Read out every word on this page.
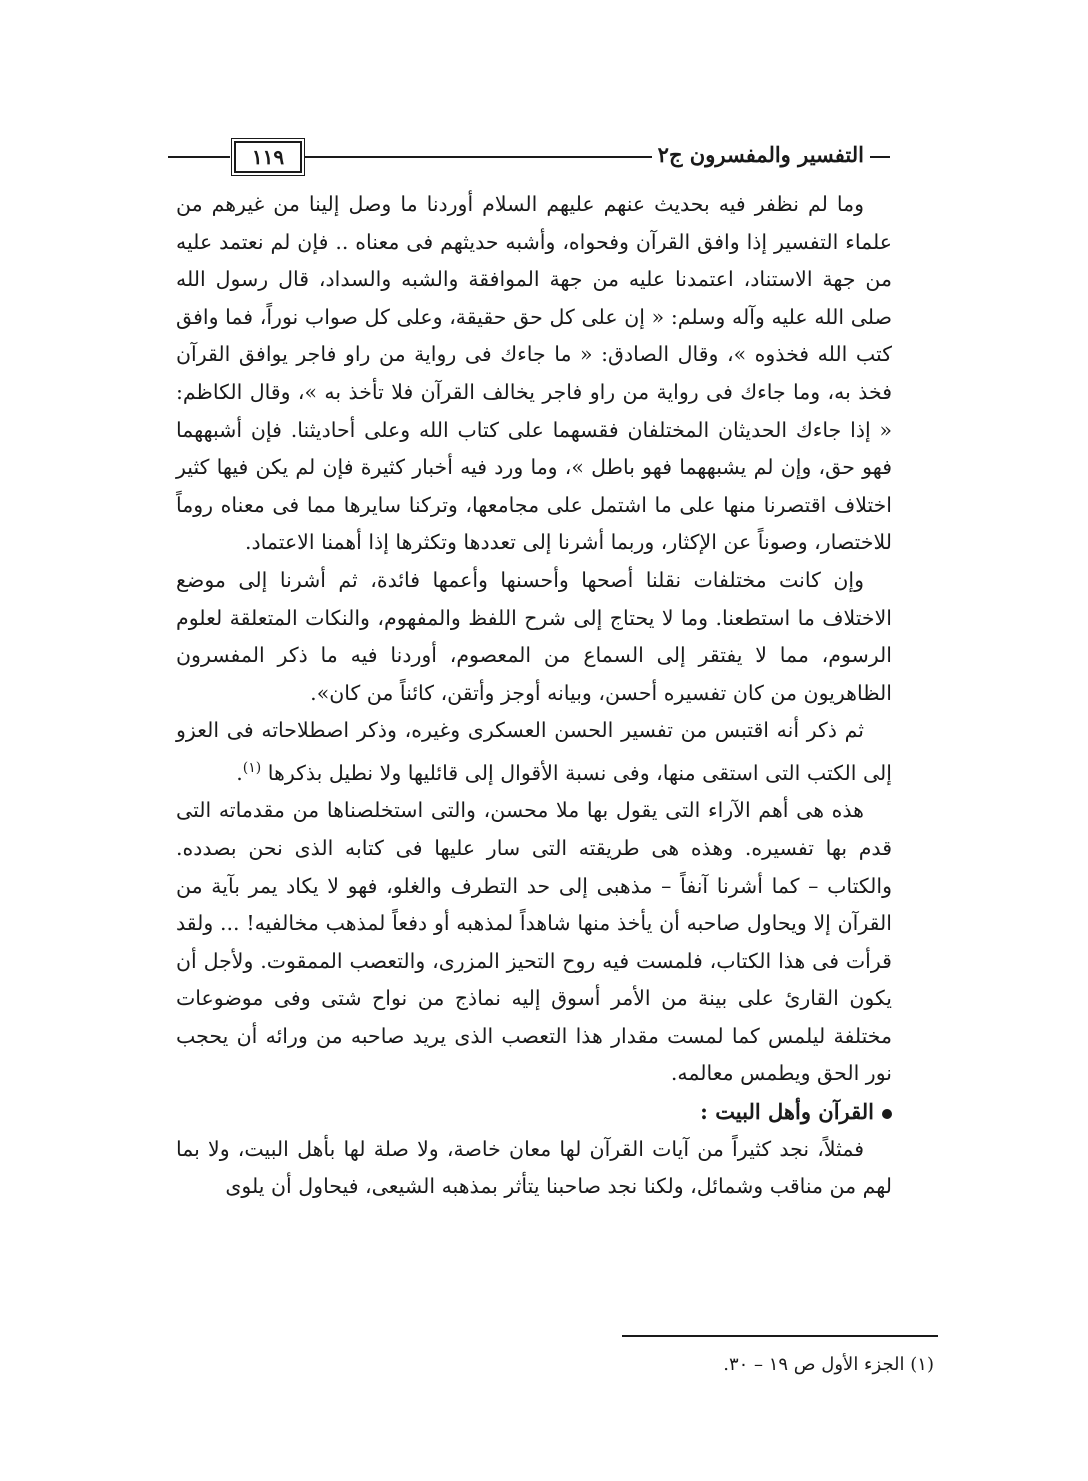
التفسير والمفسرون ج٢
١١٩

وما لم نظفر فيه بحديث عنهم عليهم السلام أوردنا ما وصل إلينا من غيرهم من علماء التفسير إذا وافق القرآن وفحواه، وأشبه حديثهم فى معناه .. فإن لم نعتمد عليه من جهة الاستناد، اعتمدنا عليه من جهة الموافقة والشبه والسداد، قال رسول الله صلى الله عليه وآله وسلم: « إن على كل حق حقيقة، وعلى كل صواب نوراً، فما وافق كتب الله فخذوه »، وقال الصادق: « ما جاءك فى رواية من راو فاجر يوافق القرآن فخذ به، وما جاءك فى رواية من راو فاجر يخالف القرآن فلا تأخذ به »، وقال الكاظم: « إذا جاءك الحديثان المختلفان فقسهما على كتاب الله وعلى أحاديثنا. فإن أشبههما فهو حق، وإن لم يشبههما فهو باطل »، وما ورد فيه أخبار كثيرة فإن لم يكن فيها كثير اختلاف اقتصرنا منها على ما اشتمل على مجامعها، وتركنا سايرها مما فى معناه روماً للاختصار، وصوناً عن الإكثار، وربما أشرنا إلى تعددها وتكثرها إذا أهمنا الاعتماد.

وإن كانت مختلفات نقلنا أصحها وأحسنها وأعمها فائدة، ثم أشرنا إلى موضع الاختلاف ما استطعنا. وما لا يحتاج إلى شرح اللفظ والمفهوم، والنكات المتعلقة لعلوم الرسوم، مما لا يفتقر إلى السماع من المعصوم، أوردنا فيه ما ذكر المفسرون الظاهريون من كان تفسيره أحسن، وبيانه أوجز وأتقن، كائناً من كان».

ثم ذكر أنه اقتبس من تفسير الحسن العسكرى وغيره، وذكر اصطلاحاته فى العزو إلى الكتب التى استقى منها، وفى نسبة الأقوال إلى قائليها ولا نطيل بذكرها $^{(١)}$.

هذه هى أهم الآراء التى يقول بها ملا محسن، والتى استخلصناها من مقدماته التى قدم بها تفسيره. وهذه هى طريقته التى سار عليها فى كتابه الذى نحن بصدده. والكتاب – كما أشرنا آنفاً – مذهبى إلى حد التطرف والغلو، فهو لا يكاد يمر بآية من القرآن إلا ويحاول صاحبه أن يأخذ منها شاهداً لمذهبه أو دفعاً لمذهب مخالفيه! ... ولقد قرأت فى هذا الكتاب، فلمست فيه روح التحيز المزرى، والتعصب الممقوت. ولأجل أن يكون القارئ على بينة من الأمر أسوق إليه نماذج من نواح شتى وفى موضوعات مختلفة ليلمس كما لمست مقدار هذا التعصب الذى يريد صاحبه من ورائه أن يحجب نور الحق ويطمس معالمه.

القرآن وأهل البيت :

فمثلاً، نجد كثيراً من آيات القرآن لها معان خاصة، ولا صلة لها بأهل البيت، ولا بما لهم من مناقب وشمائل، ولكنا نجد صاحبنا يتأثر بمذهبه الشيعى، فيحاول أن يلوى

(١) الجزء الأول ص ١٩ – ٣٠.
